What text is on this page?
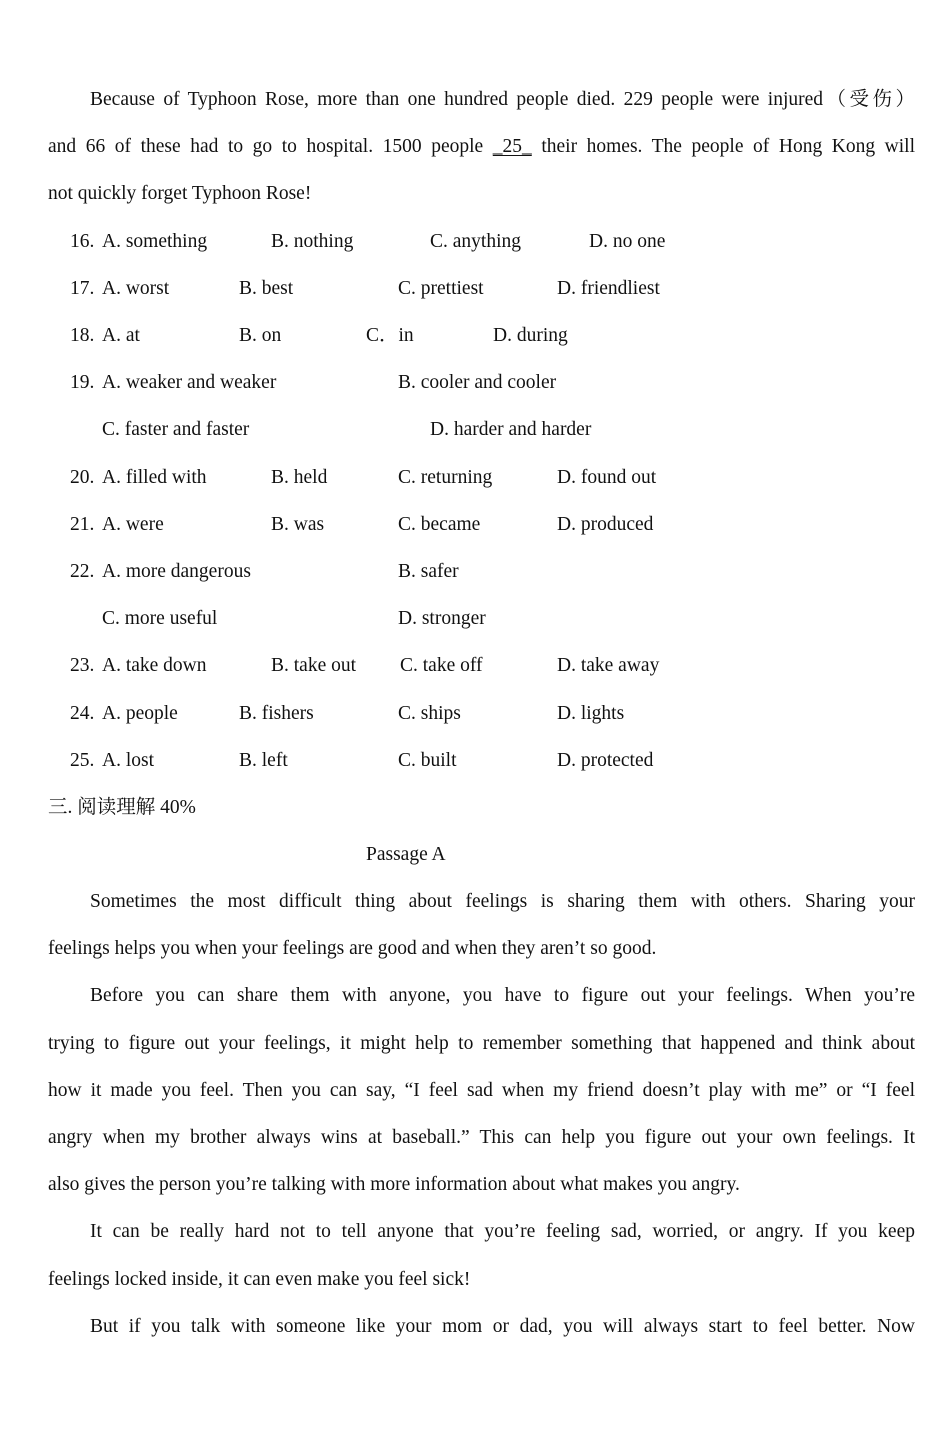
Because of Typhoon Rose, more than one hundred people died. 229 people were injured（受伤）
and 66 of these had to go to hospital. 1500 people _25_ their homes. The people of Hong Kong will
not quickly forget Typhoon Rose!
16. A. something	B. nothing	C. anything	D. no one
17. A. worst	B. best	C. prettiest	D. friendliest
18. A. at	B. on	C．in	D. during
19. A. weaker and weaker	B. cooler and cooler
C. faster and faster	D. harder and harder
20. A. filled with	B. held	C. returning	D. found out
21. A. were	B. was	C. became	D. produced
22. A. more dangerous	B. safer
C. more useful	D. stronger
23. A. take down	B. take out C. take off	D. take away
24. A. people	B. fishers	C. ships	D. lights
25. A. lost	B. left	C. built	D. protected
三. 阅读理解 40%
Passage A
Sometimes the most difficult thing about feelings is sharing them with others. Sharing your
feelings helps you when your feelings are good and when they aren’t so good.
Before you can share them with anyone, you have to figure out your feelings. When you’re
trying to figure out your feelings, it might help to remember something that happened and think about
how it made you feel. Then you can say, “I feel sad when my friend doesn’t play with me” or “I feel
angry when my brother always wins at baseball.” This can help you figure out your own feelings. It
also gives the person you’re talking with more information about what makes you angry.
It can be really hard not to tell anyone that you’re feeling sad, worried, or angry. If you keep
feelings locked inside, it can even make you feel sick!
But if you talk with someone like your mom or dad, you will always start to feel better. Now
